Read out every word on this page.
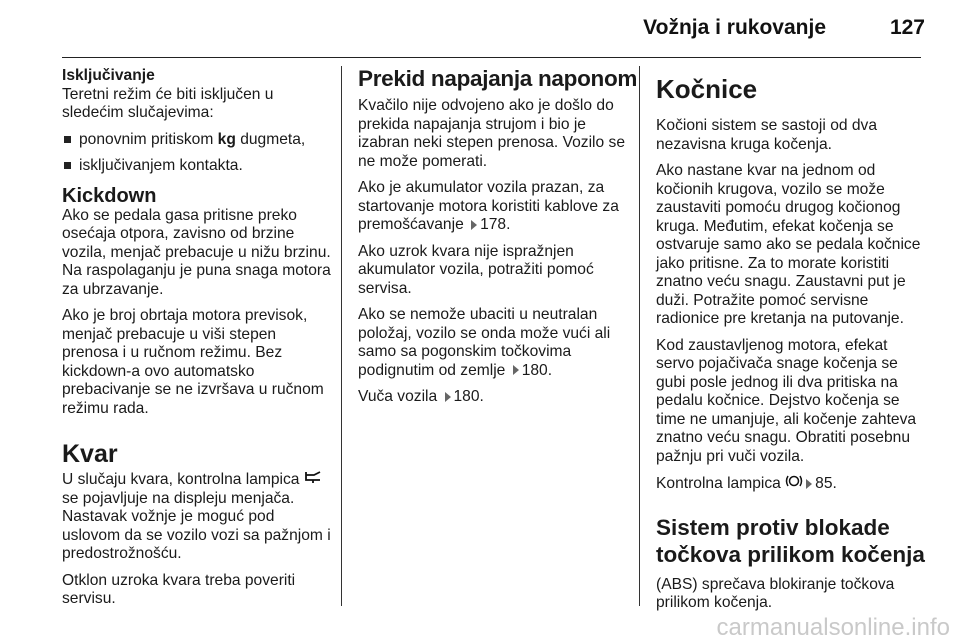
Vožnja i rukovanje	127
Isključivanje

Teretni režim će biti isključen u sledećim slučajevima:

ponovnim pritiskom kg dugmeta,
isključivanjem kontakta.
Kickdown

Ako se pedala gasa pritisne preko osećaja otpora, zavisno od brzine vozila, menjač prebacuje u nižu brzinu. Na raspolaganju je puna snaga motora za ubrzavanje.

Ako je broj obrtaja motora previsok, menjač prebacuje u viši stepen prenosa i u ručnom režimu. Bez kickdown-a ovo automatsko prebacivanje se ne izvršava u ručnom režimu rada.

Kvar

U slučaju kvara, kontrolna lampica  se pojavljuje na displeju menjača. Nastavak vožnje je moguć pod uslovom da se vozilo vozi sa pažnjom i predostrožnošću.

Otklon uzroka kvara treba poveriti servisu.

Prekid napajanja naponom

Kvačilo nije odvojeno ako je došlo do prekida napajanja strujom i bio je izabran neki stepen prenosa. Vozilo se ne može pomerati.

Ako je akumulator vozila prazan, za startovanje motora koristiti kablove za premošćavanje 178.

Ako uzrok kvara nije ispražnjen akumulator vozila, potražiti pomoć servisa.

Ako se nemože ubaciti u neutralan položaj, vozilo se onda može vući ali samo sa pogonskim točkovima podignutim od zemlje 180.

Vuča vozila 180.

Kočnice

Kočioni sistem se sastoji od dva nezavisna kruga kočenja.

Ako nastane kvar na jednom od kočionih krugova, vozilo se može zaustaviti pomoću drugog kočionog kruga. Međutim, efekat kočenja se ostvaruje samo ako se pedala kočnice jako pritisne. Za to morate koristiti znatno veću snagu. Zaustavni put je duži. Potražite pomoć servisne radionice pre kretanja na putovanje.

Kod zaustavljenog motora, efekat servo pojačivača snage kočenja se gubi posle jednog ili dva pritiska na pedalu kočnice. Dejstvo kočenja se time ne umanjuje, ali kočenje zahteva znatno veću snagu. Obratiti posebnu pažnju pri vuči vozila.

Kontrolna lampica 85.

Sistem protiv blokade točkova prilikom kočenja

(ABS) sprečava blokiranje točkova prilikom kočenja.

carmanualsonline.info
